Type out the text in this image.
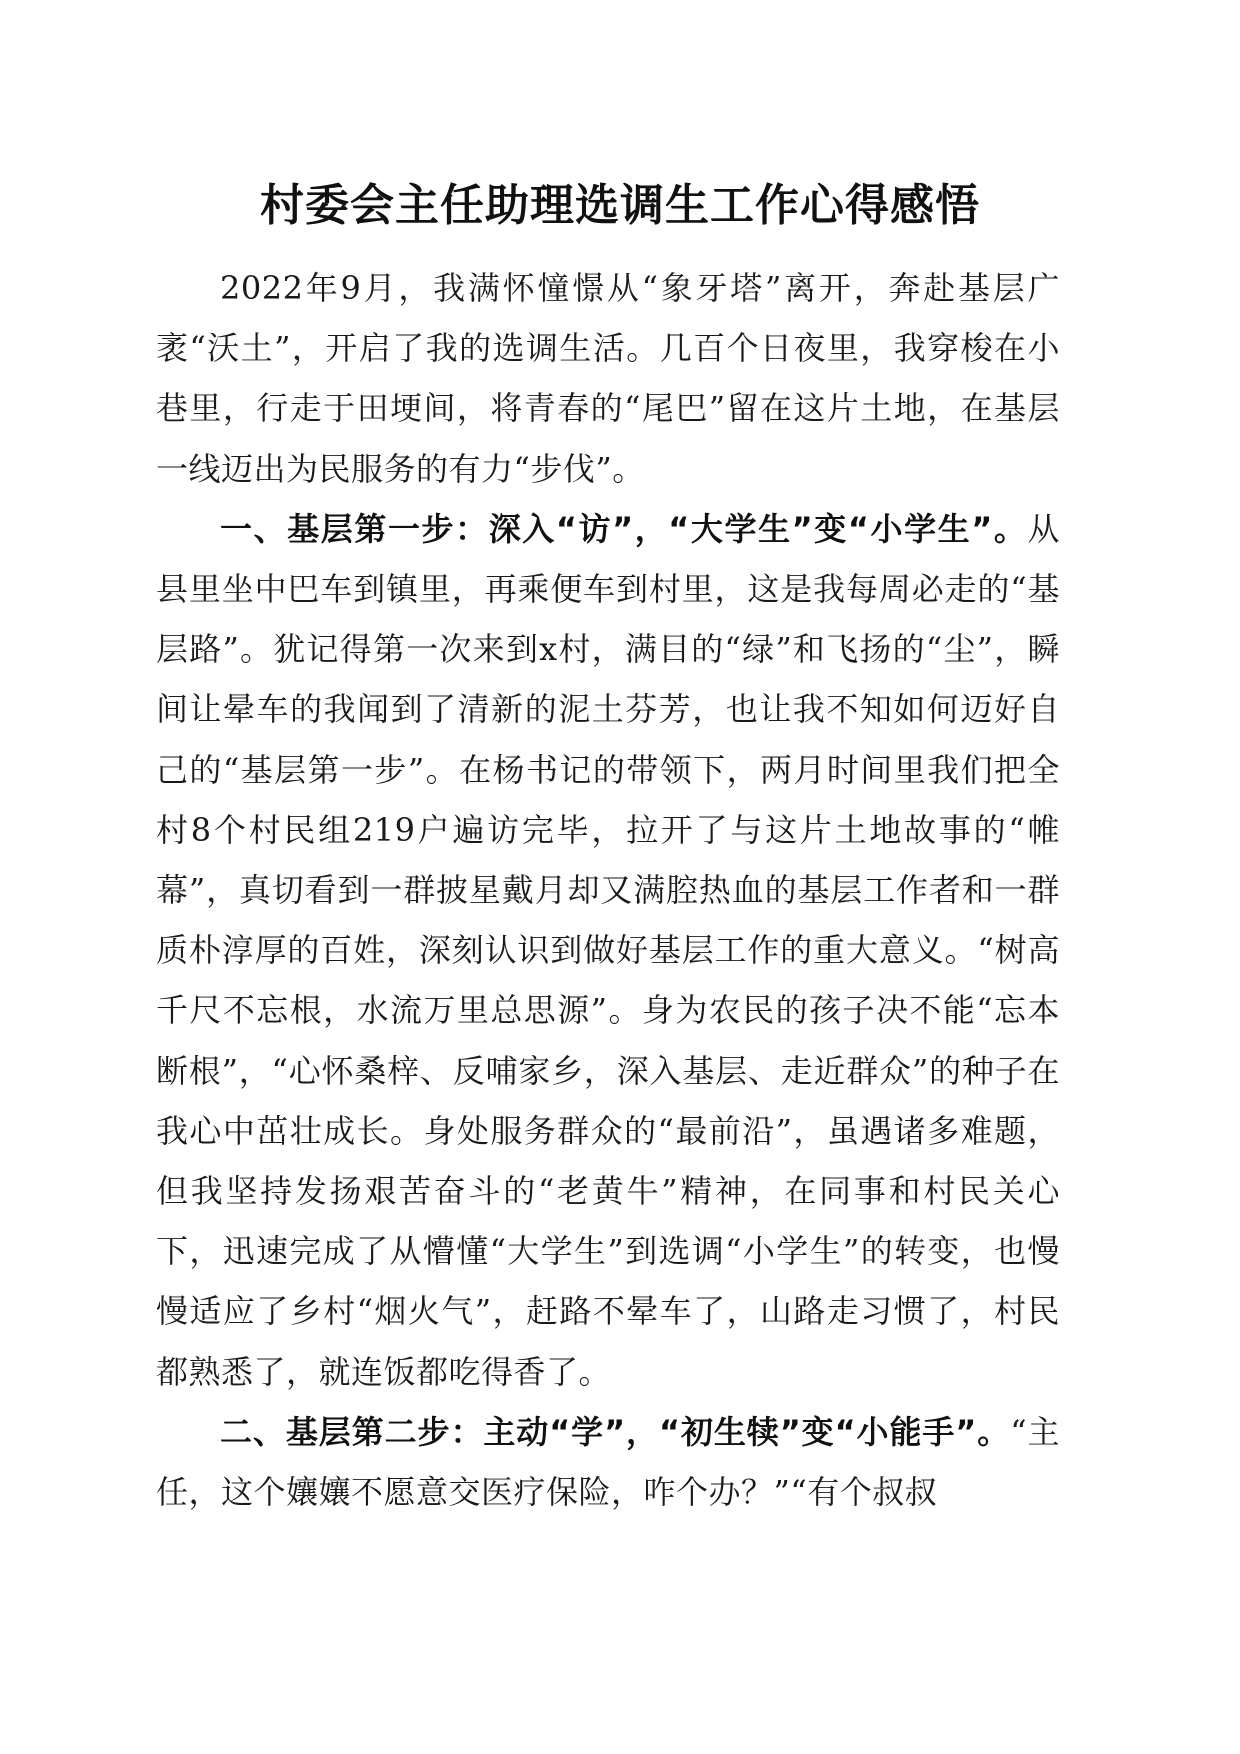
村委会主任助理选调生工作心得感悟

2022年9月，我满怀憧憬从“象牙塔”离开，奔赴基层广袤“沃土”，开启了我的选调生活。几百个日夜里，我穿梭在小巷里，行走于田埂间，将青春的“尾巴”留在这片土地，在基层一线迈出为民服务的有力“步伐”。

一、基层第一步：深入“访”，“大学生”变“小学生”。从县里坐中巴车到镇里，再乘便车到村里，这是我每周必走的“基层路”。犹记得第一次来到x村，满目的“绿”和飞扬的“尘”，瞬间让晕车的我闻到了清新的泥土芬芳，也让我不知如何迈好自己的“基层第一步”。在杨书记的带领下，两月时间里我们把全村8个村民组219户遍访完毕，拉开了与这片土地故事的“帷幕”，真切看到一群披星戴月却又满腔热血的基层工作者和一群质朴淳厚的百姓，深刻认识到做好基层工作的重大意义。“树高千尺不忘根，水流万里总思源”。身为农民的孩子决不能“忘本断根”，“心怀桑梓、反哺家乡，深入基层、走近群众”的种子在我心中茁壮成长。身处服务群众的“最前沿”，虽遇诸多难题，但我坚持发扬艰苦奋斗的“老黄牛”精神，在同事和村民关心下，迅速完成了从懵懂“大学生”到选调“小学生”的转变，也慢慢适应了乡村“烟火气”，赶路不晕车了，山路走习惯了，村民都熟悉了，就连饭都吃得香了。

二、基层第二步：主动“学”，“初生犊”变“小能手”。“主任，这个孃孃不愿意交医疗保险，咋个办？”“有个叔叔
